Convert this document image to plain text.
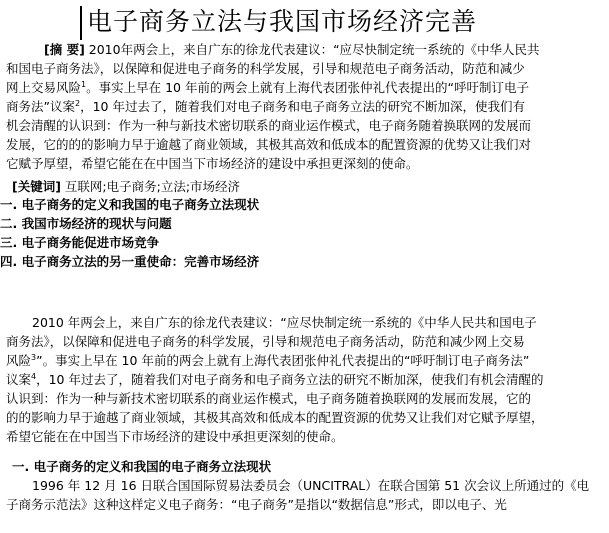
电子商务立法与我国市场经济完善
[摘 要] 2010年两会上，来自广东的徐龙代表建议：“应尽快制定统一系统的《中华人民共
和国电子商务法》，以保障和促进电子商务的科学发展，引导和规范电子商务活动，防范和减少
网上交易风险$^1$。事实上早在 10 年前的两会上就有上海代表团张仲礼代表提出的“呼吁制订电子
商务法”议案$^2$，10 年过去了，随着我们对电子商务和电子商务立法的研究不断加深，使我们有
机会清醒的认识到：作为一种与新技术密切联系的商业运作模式，电子商务随着换联网的发展而
发展，它的的的影响力早于逾越了商业领域，其极其高效和低成本的配置资源的优势又让我们对
它赋予厚望，希望它能在在中国当下市场经济的建设中承担更深刻的使命。
[关键词] 互联网;电子商务;立法;市场经济
一. 电子商务的定义和我国的电子商务立法现状
二. 我国市场经济的现状与问题
三. 电子商务能促进市场竞争
四. 电子商务立法的另一重使命：完善市场经济
2010 年两会上，来自广东的徐龙代表建议：“应尽快制定统一系统的《中华人民共和国电子
商务法》，以保障和促进电子商务的科学发展，引导和规范电子商务活动，防范和减少网上交易
风险$^3$”。事实上早在 10 年前的两会上就有上海代表团张仲礼代表提出的“呼吁制订电子商务法”
议案$^4$，10 年过去了，随着我们对电子商务和电子商务立法的研究不断加深，使我们有机会清醒的
认识到：作为一种与新技术密切联系的商业运作模式，电子商务随着换联网的发展而发展，它的
的的影响力早于逾越了商业领域，其极其高效和低成本的配置资源的优势又让我们对它赋予厚望，
希望它能在在中国当下市场经济的建设中承担更深刻的使命。
一. 电子商务的定义和我国的电子商务立法现状
1996 年 12 月 16 日联合国国际贸易法委员会（UNCITRAL）在联合国第 51 次会议上所通过的《电
子商务示范法》这种这样定义电子商务：“电子商务”是指以“数据信息”形式，即以电子、光
